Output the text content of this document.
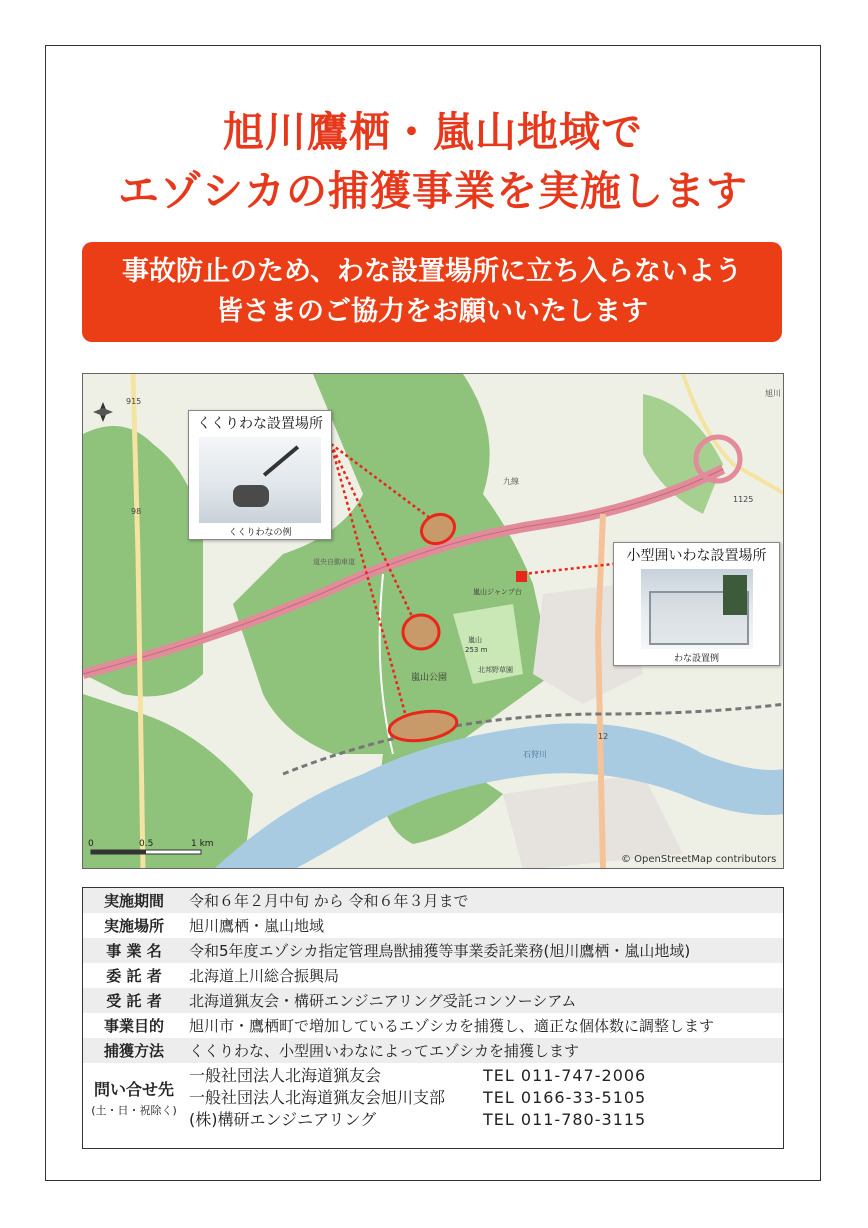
旭川鷹栖・嵐山地域で
エゾシカの捕獲事業を実施します
事故防止のため、わな設置場所に立ち入らないよう
皆さまのご協力をお願いいたします
915
98
1125
12
道央自動車道
嵐山公園
嵐山
253 m
嵐山ジャンプ台
北邦野草園
石狩川
九線
旭川
0	0.5	1 km
© OpenStreetMap contributors
くくりわな設置場所
くくりわなの例
小型囲いわな設置場所
わな設置例
実施期間	令和６年２月中旬 から 令和６年３月まで
実施場所	旭川鷹栖・嵐山地域
事 業 名	令和5年度エゾシカ指定管理鳥獣捕獲等事業委託業務(旭川鷹栖・嵐山地域)
委 託 者	北海道上川総合振興局
受 託 者	北海道猟友会・構研エンジニアリング受託コンソーシアム
事業目的	旭川市・鷹栖町で増加しているエゾシカを捕獲し、適正な個体数に調整します
捕獲方法	くくりわな、小型囲いわなによってエゾシカを捕獲します
問い合せ先
(土・日・祝除く)
一般社団法人北海道猟友会	TEL 011-747-2006
一般社団法人北海道猟友会旭川支部	TEL 0166-33-5105
(株)構研エンジニアリング	TEL 011-780-3115
